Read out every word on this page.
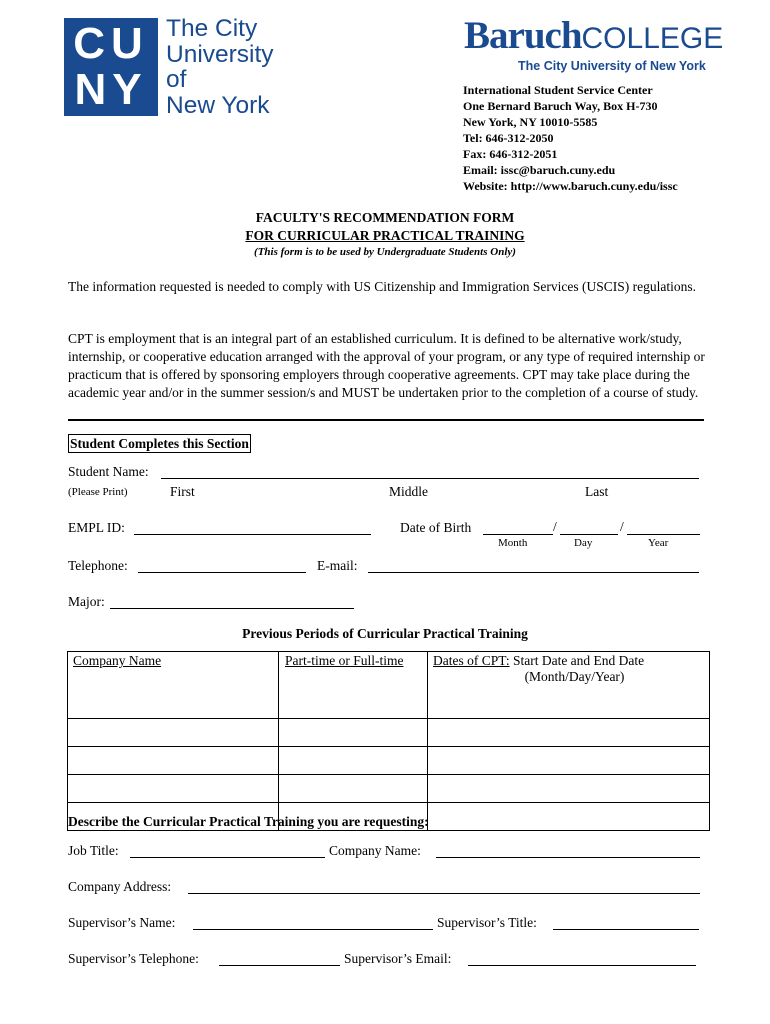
CU
NY
The City
University
of
New York
BaruchCOLLEGE
The City University of New York
International Student Service Center
One Bernard Baruch Way, Box H-730
New York, NY 10010-5585
Tel: 646-312-2050
Fax: 646-312-2051
Email: issc@baruch.cuny.edu
Website: http://www.baruch.cuny.edu/issc
FACULTY'S RECOMMENDATION FORM
FOR CURRICULAR PRACTICAL TRAINING
(This form is to be used by Undergraduate Students Only)
The information requested is needed to comply with US Citizenship and Immigration Services (USCIS) regulations.
CPT is employment that is an integral part of an established curriculum. It is defined to be alternative work/study, internship, or cooperative education arranged with the approval of your program, or any type of required internship or practicum that is offered by sponsoring employers through cooperative agreements. CPT may take place during the academic year and/or in the summer session/s and MUST be undertaken prior to the completion of a course of study.
Student Completes this Section
Student Name:
(Please Print)	First	Middle	Last
EMPL ID:	Date of Birth	/	/
Month	Day	Year
Telephone:	E-mail:
Major:
Previous Periods of Curricular Practical Training
Company Name	Part-time or Full-time	Dates of CPT: Start Date and End Date
(Month/Day/Year)

Describe the Curricular Practical Training you are requesting:
Job Title:	Company Name:
Company Address:
Supervisor’s Name:	Supervisor’s Title:
Supervisor’s Telephone:	Supervisor’s Email:
